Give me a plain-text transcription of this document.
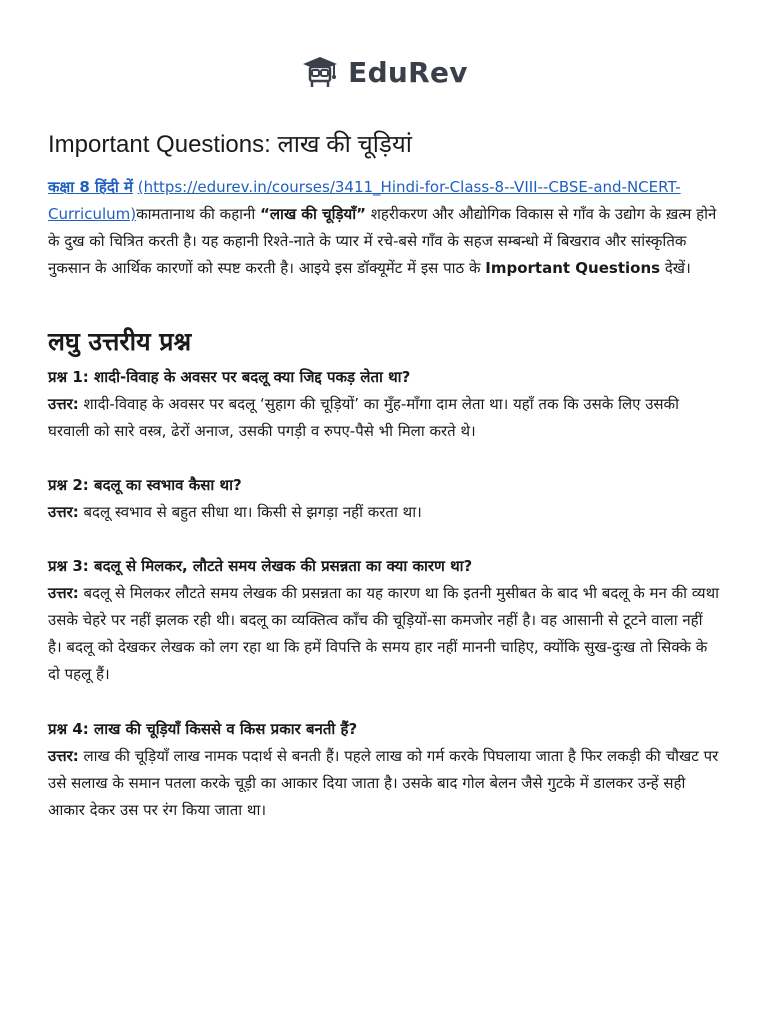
EduRev
Important Questions: लाख की चूड़ियां

कक्षा 8 हिंदी में (https://edurev.in/courses/3411_Hindi-for-Class-8--VIII--CBSE-and-NCERT-Curriculum)कामतानाथ की कहानी “लाख की चूड़ियाँ” शहरीकरण और औद्योगिक विकास से गाँव के उद्योग के ख़त्म होने के दुख को चित्रित करती है। यह कहानी रिश्ते-नाते के प्यार में रचे-बसे गाँव के सहज सम्बन्धो में बिखराव और सांस्कृतिक नुकसान के आर्थिक कारणों को स्पष्ट करती है। आइये इस डॉक्यूमेंट में इस पाठ के Important Questions देखें।

लघु उत्तरीय प्रश्न

प्रश्न 1: शादी-विवाह के अवसर पर बदलू क्या जिद्द पकड़ लेता था?

उत्तर: शादी-विवाह के अवसर पर बदलू ‘सुहाग की चूड़ियों’ का मुँह-माँगा दाम लेता था। यहाँ तक कि उसके लिए उसकी घरवाली को सारे वस्त्र, ढेरों अनाज, उसकी पगड़ी व रुपए-पैसे भी मिला करते थे।

प्रश्न 2: बदलू का स्वभाव कैसा था?

उत्तर: बदलू स्वभाव से बहुत सीधा था। किसी से झगड़ा नहीं करता था।

प्रश्न 3: बदलू से मिलकर, लौटते समय लेखक की प्रसन्नता का क्या कारण था?

उत्तर: बदलू से मिलकर लौटते समय लेखक की प्रसन्नता का यह कारण था कि इतनी मुसीबत के बाद भी बदलू के मन की व्यथा उसके चेहरे पर नहीं झलक रही थी। बदलू का व्यक्तित्व काँच की चूड़ियों-सा कमजोर नहीं है। वह आसानी से टूटने वाला नहीं है। बदलू को देखकर लेखक को लग रहा था कि हमें विपत्ति के समय हार नहीं माननी चाहिए, क्योंकि सुख-दुःख तो सिक्के के दो पहलू हैं।

प्रश्न 4: लाख की चूड़ियाँ किससे व किस प्रकार बनती हैं?

उत्तर: लाख की चूड़ियाँ लाख नामक पदार्थ से बनती हैं। पहले लाख को गर्म करके पिघलाया जाता है फिर लकड़ी की चौखट पर उसे सलाख के समान पतला करके चूड़ी का आकार दिया जाता है। उसके बाद गोल बेलन जैसे गुटके में डालकर उन्हें सही आकार देकर उस पर रंग किया जाता था।
